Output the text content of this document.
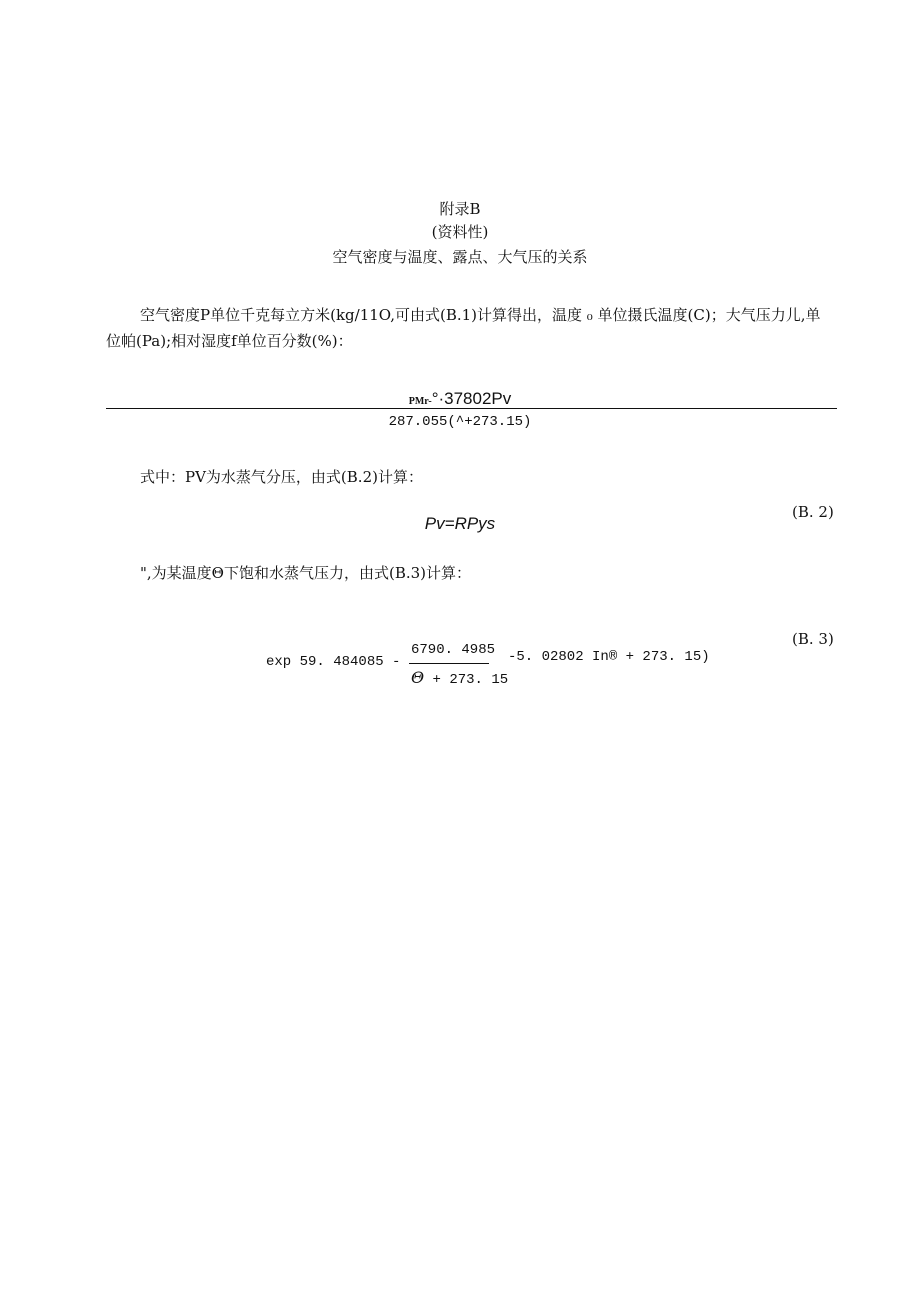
附录B
(资料性)
空气密度与温度、露点、大气压的关系
空气密度P单位千克每立方米(kg/11O,可由式(B.1)计算得出，温度 ₀ 单位摄氏温度(C)；大气压力儿,单
位帕(Pa);相对湿度f单位百分数(%)：
PMr-°·37802Pv
287.055(^+273.15)
式中：PV为水蒸气分压，由式(B.2)计算：
(B. 2)
Pv=RPys
",为某温度Θ下饱和水蒸气压力，由式(B.3)计算：
(B. 3)
exp 59. 484085 -
6790. 4985
Θ + 273. 15
-5. 02802 In® + 273. 15)
